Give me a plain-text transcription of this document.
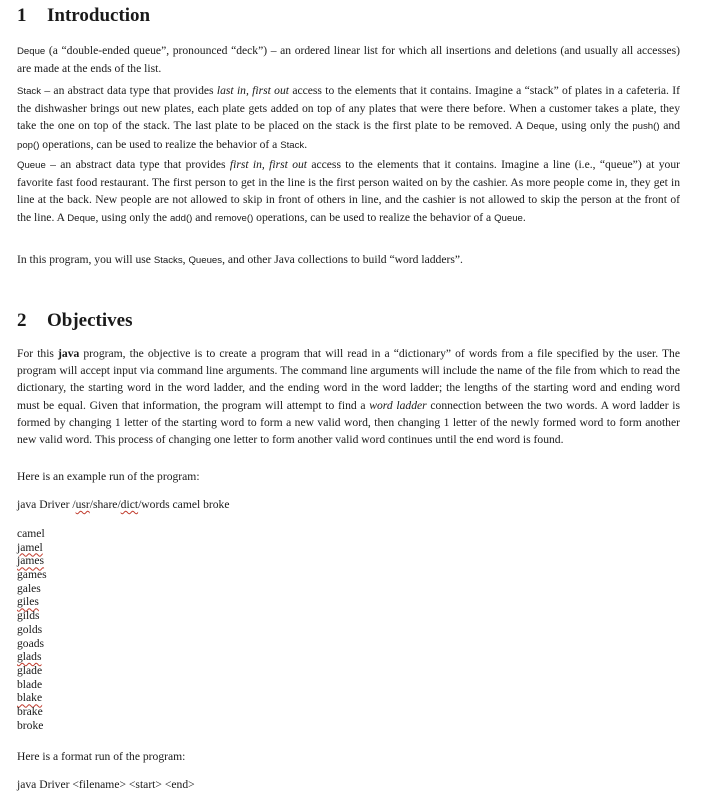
1 Introduction

Deque (a “double-ended queue”, pronounced “deck”) – an ordered linear list for which all insertions and deletions (and usually all accesses) are made at the ends of the list.

Stack – an abstract data type that provides last in, first out access to the elements that it contains. Imagine a “stack” of plates in a cafeteria. If the dishwasher brings out new plates, each plate gets added on top of any plates that were there before. When a customer takes a plate, they take the one on top of the stack. The last plate to be placed on the stack is the first plate to be removed. A Deque, using only the push() and pop() operations, can be used to realize the behavior of a Stack.

Queue – an abstract data type that provides first in, first out access to the elements that it contains. Imagine a line (i.e., “queue”) at your favorite fast food restaurant. The first person to get in the line is the first person waited on by the cashier. As more people come in, they get in line at the back. New people are not allowed to skip in front of others in line, and the cashier is not allowed to skip the person at the front of the line. A Deque, using only the add() and remove() operations, can be used to realize the behavior of a Queue.

In this program, you will use Stacks, Queues, and other Java collections to build “word ladders”.

2 Objectives

For this java program, the objective is to create a program that will read in a “dictionary” of words from a file specified by the user. The program will accept input via command line arguments. The command line arguments will include the name of the file from which to read the dictionary, the starting word in the word ladder, and the ending word in the word ladder; the lengths of the starting word and ending word must be equal. Given that information, the program will attempt to find a word ladder connection between the two words. A word ladder is formed by changing 1 letter of the starting word to form a new valid word, then changing 1 letter of the newly formed word to form another new valid word. This process of changing one letter to form another valid word continues until the end word is found.

Here is an example run of the program:

java Driver /usr/share/dict/words camel broke

camel
jamel
james
games
gales
giles
gilds
golds
goads
glads
glade
blade
blake
brake
broke

Here is a format run of the program:

java Driver <filename> <start> <end>
